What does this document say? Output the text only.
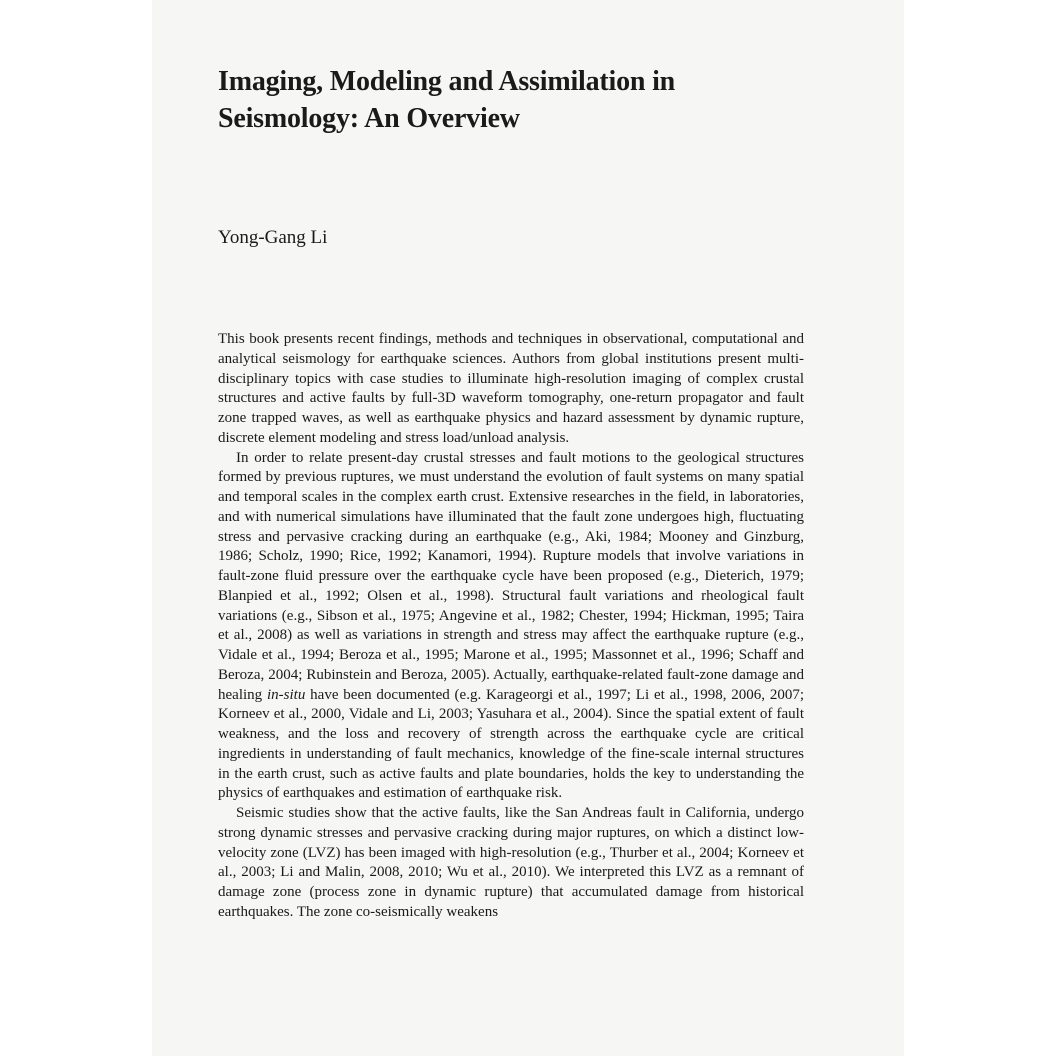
Imaging, Modeling and Assimilation in Seismology: An Overview

Yong-Gang Li

This book presents recent findings, methods and techniques in observational, computational and analytical seismology for earthquake sciences. Authors from global institutions present multi-disciplinary topics with case studies to illuminate high-resolution imaging of complex crustal structures and active faults by full-3D waveform tomography, one-return propagator and fault zone trapped waves, as well as earthquake physics and hazard assessment by dynamic rupture, discrete element modeling and stress load/unload analysis.

In order to relate present-day crustal stresses and fault motions to the geological structures formed by previous ruptures, we must understand the evolution of fault systems on many spatial and temporal scales in the complex earth crust. Extensive researches in the field, in laboratories, and with numerical simulations have illuminated that the fault zone undergoes high, fluctuating stress and pervasive cracking during an earthquake (e.g., Aki, 1984; Mooney and Ginzburg, 1986; Scholz, 1990; Rice, 1992; Kanamori, 1994). Rupture models that involve variations in fault-zone fluid pressure over the earthquake cycle have been proposed (e.g., Dieterich, 1979; Blanpied et al., 1992; Olsen et al., 1998). Structural fault variations and rheological fault variations (e.g., Sibson et al., 1975; Angevine et al., 1982; Chester, 1994; Hickman, 1995; Taira et al., 2008) as well as variations in strength and stress may affect the earthquake rupture (e.g., Vidale et al., 1994; Beroza et al., 1995; Marone et al., 1995; Massonnet et al., 1996; Schaff and Beroza, 2004; Rubinstein and Beroza, 2005). Actually, earthquake-related fault-zone damage and healing in-situ have been documented (e.g. Karageorgi et al., 1997; Li et al., 1998, 2006, 2007; Korneev et al., 2000, Vidale and Li, 2003; Yasuhara et al., 2004). Since the spatial extent of fault weakness, and the loss and recovery of strength across the earthquake cycle are critical ingredients in understanding of fault mechanics, knowledge of the fine-scale internal structures in the earth crust, such as active faults and plate boundaries, holds the key to understanding the physics of earthquakes and estimation of earthquake risk.

Seismic studies show that the active faults, like the San Andreas fault in California, undergo strong dynamic stresses and pervasive cracking during major ruptures, on which a distinct low-velocity zone (LVZ) has been imaged with high-resolution (e.g., Thurber et al., 2004; Korneev et al., 2003; Li and Malin, 2008, 2010; Wu et al., 2010). We interpreted this LVZ as a remnant of damage zone (process zone in dynamic rupture) that accumulated damage from historical earthquakes. The zone co-seismically weakens
